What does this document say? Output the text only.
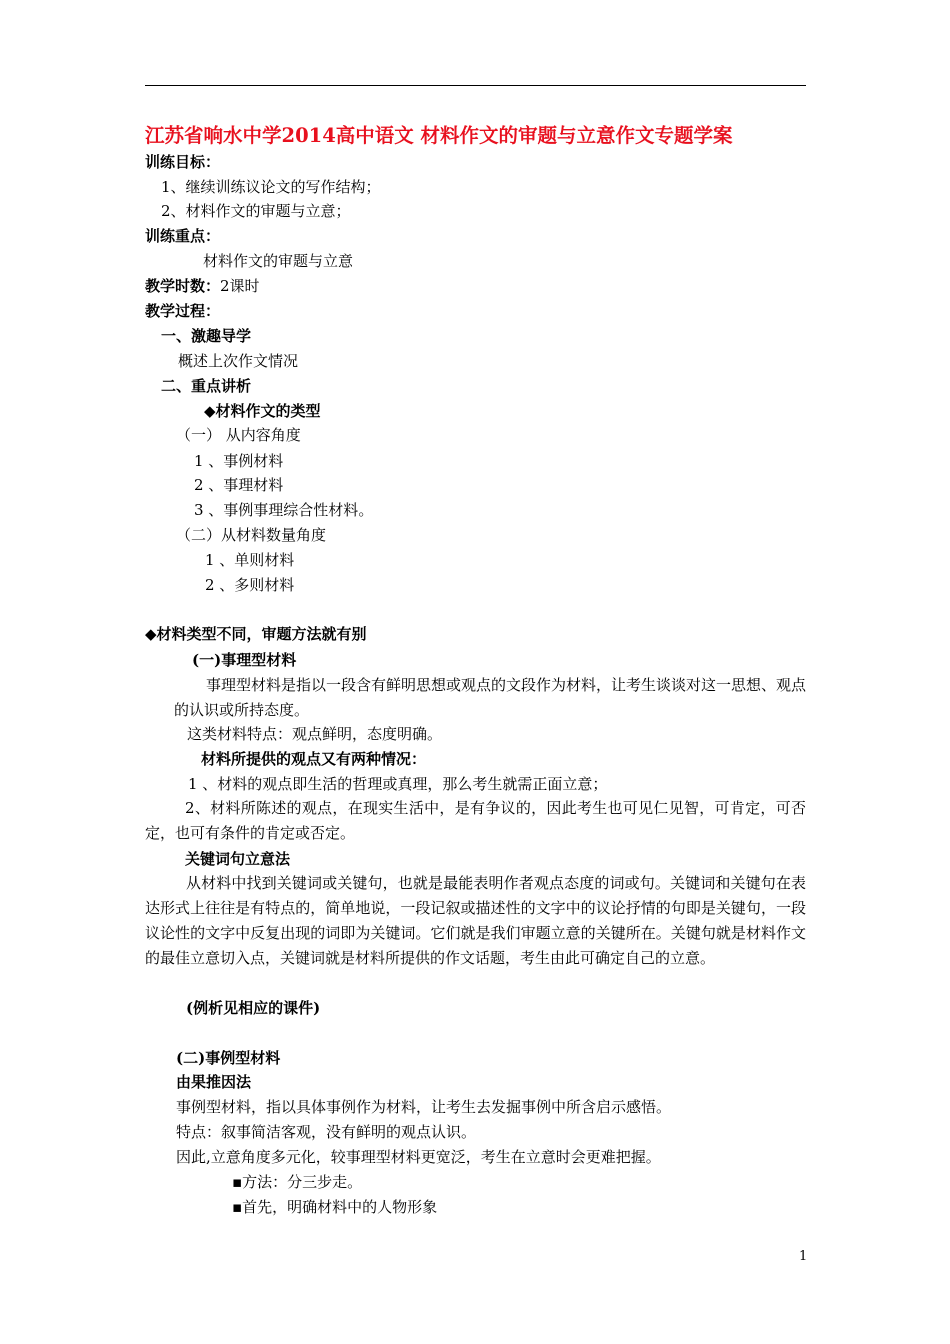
江苏省响水中学2014高中语文 材料作文的审题与立意作文专题学案
训练目标：
1、继续训练议论文的写作结构；
2、材料作文的审题与立意；
训练重点：
材料作文的审题与立意
教学时数：2课时
教学过程：
一、激趣导学
概述上次作文情况
二、重点讲析
◆材料作文的类型
（一） 从内容角度
1 、事例材料
2 、事理材料
3 、事例事理综合性材料。
（二）从材料数量角度
1 、单则材料
2 、多则材料
◆材料类型不同，审题方法就有别
(一)事理型材料
事理型材料是指以一段含有鲜明思想或观点的文段作为材料，让考生谈谈对这一思想、观点的认识或所持态度。
这类材料特点：观点鲜明，态度明确。
材料所提供的观点又有两种情况：
1 、材料的观点即生活的哲理或真理，那么考生就需正面立意；
2、材料所陈述的观点，在现实生活中，是有争议的，因此考生也可见仁见智，可肯定，可否定，也可有条件的肯定或否定。
关键词句立意法
从材料中找到关键词或关键句，也就是最能表明作者观点态度的词或句。关键词和关键句在表达形式上往往是有特点的，简单地说，一段记叙或描述性的文字中的议论抒情的句即是关键句，一段议论性的文字中反复出现的词即为关键词。它们就是我们审题立意的关键所在。关键句就是材料作文的最佳立意切入点，关键词就是材料所提供的作文话题，考生由此可确定自己的立意。
(例析见相应的课件)
(二)事例型材料
由果推因法
事例型材料，指以具体事例作为材料，让考生去发掘事例中所含启示感悟。
特点：叙事简洁客观，没有鲜明的观点认识。
因此,立意角度多元化，较事理型材料更宽泛，考生在立意时会更难把握。
▪方法：分三步走。
▪首先，明确材料中的人物形象
1
